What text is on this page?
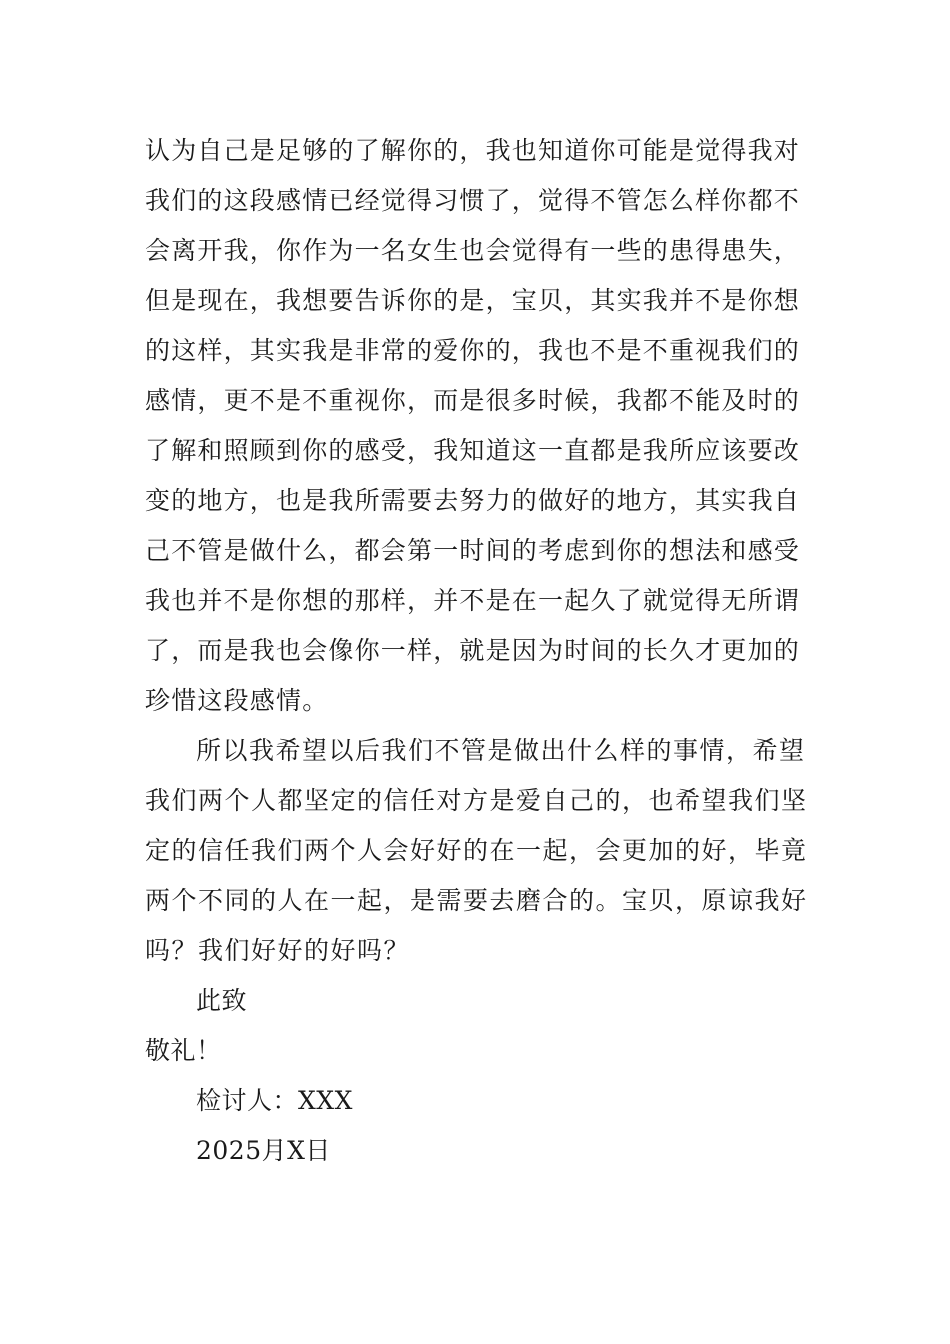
认为自己是足够的了解你的，我也知道你可能是觉得我对
我们的这段感情已经觉得习惯了，觉得不管怎么样你都不
会离开我，你作为一名女生也会觉得有一些的患得患失，
但是现在，我想要告诉你的是，宝贝，其实我并不是你想
的这样，其实我是非常的爱你的，我也不是不重视我们的
感情，更不是不重视你，而是很多时候，我都不能及时的
了解和照顾到你的感受，我知道这一直都是我所应该要改
变的地方，也是我所需要去努力的做好的地方，其实我自
己不管是做什么，都会第一时间的考虑到你的想法和感受
我也并不是你想的那样，并不是在一起久了就觉得无所谓
了，而是我也会像你一样，就是因为时间的长久才更加的
珍惜这段感情。
所以我希望以后我们不管是做出什么样的事情，希望
我们两个人都坚定的信任对方是爱自己的，也希望我们坚
定的信任我们两个人会好好的在一起，会更加的好，毕竟
两个不同的人在一起，是需要去磨合的。宝贝，原谅我好
吗？我们好好的好吗？
此致
敬礼！
检讨人：XXX
2025月X日
